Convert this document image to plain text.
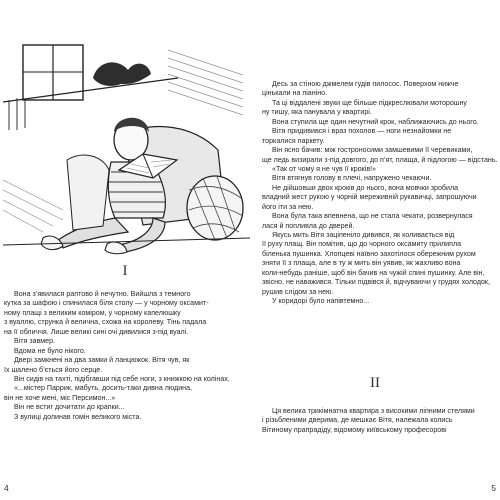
I
Вона з’явилася раптово й нечутно. Вийшла з темного
кутка за шафою і спинилася біля столу — у чорному оксамит-
ному плащі з великим коміром, у чорному капелюшку
з вуаллю, струнка й велична, схожа на королеву. Тінь падала
на її обличчя. Лише великі сині очі дивилися з-під вуалі.
Вітя завмер.
Вдома не було нікого.
Двері замкнені на два замки й ланцюжок. Вітя чув, як
їх шалено б’ється його серце.
Він сидів на тахті, підібгавши під себе ноги, з книжкою на колінах.
«...містер Паррик, мабуть, досить-таки дивна людина,
він не хоче мені, міс Персимон...»
Він не встиг дочитати до крапки...
З вулиці долинав гомін великого міста.
4
Десь за стіною джмелем гудів пилосос. Поверхом нижче
цінькали на піаніно.
Та ці віддалені звуки ще більше підкреслювали моторошну
ну тишу, яка панувала у квартирі.
Вона ступила ще один нечутний крок, наближаючись до нього.
Вітя придивився і враз похолов — ноги незнайомки не
торкалися паркету.
Він ясно бачив: між гостроносими замшевими її черевиками,
ще ледь визирали з-під довгого, до п’ят, плаща, й підлогою — відстань.
«Так от чому я не чув її кроків!»
Вітя втягнув голову в плечі, напружено чекаючи.
Не дійшовши двох кроків до нього, вона мовчки зробила
владний жест рукою у чорній мереживній рукавичці, запрошуючи
його іти за нею.
Вона була така впевнена, що не стала чекати, розвернулася
лася й попливла до дверей.
Якусь мить Вітя заціпеніло дивився, як коливається від
її руху плащ. Він помітив, що до чорного оксамиту прилипла
біленька пушинка. Хлопцеві наївно захотілося обережним рухом
зняти її з плаща, але в ту ж мить він уявив, як жахливо вона
коли-небудь раніше, щоб він бачив на чужій спині пушинку. Але він,
звісно, не наважився. Тільки підвівся й, відчуваючи у грудях холодок,
рушив слідом за нею.
У коридорі було напівтемно...
II
Ця велика трикімнатна квартира з високими ліпними стелями
і різьбленими дверима, де мешкає Вітя, належала колись
Вітиному прапрадіду, відомому київському професорові
5
